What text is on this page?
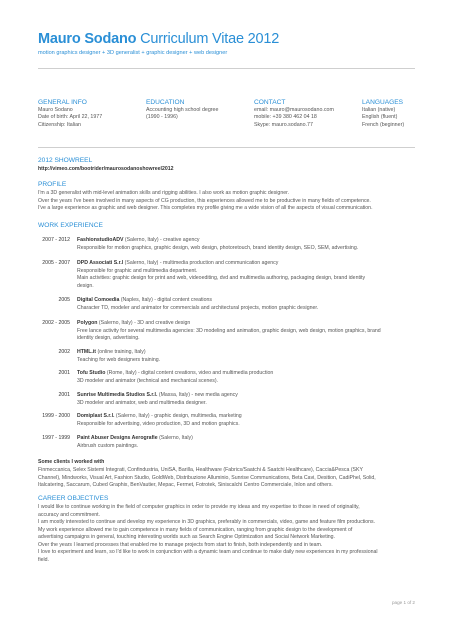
Mauro Sodano Curriculum Vitae 2012
motion graphics designer + 3D generalist + graphic designer + web designer
GENERAL INFO
Mauro Sodano
Date of birth: April 22, 1977
Citizenship: Italian
EDUCATION
Accounting high school degree
(1990 - 1996)
CONTACT
email: mauro@maurosodano.com
mobile: +39 380 462 04 18
Skype: mauro.sodano.77
LANGUAGES
Italian (native)
English (fluent)
French (beginner)
2012 SHOWREEL
http://vimeo.com/bootrider/maurosodanoshowreel2012
PROFILE
I'm a 3D generalist with mid-level animation skills and rigging abilities. I also work as motion graphic designer.
Over the years I've been involved in many aspects of CG production, this experiences allowed me to be productive in many fields of competence.
I've a large experience as graphic and web designer. This completes my profile giving me a wide vision of all the aspects of visual communication.
WORK EXPERIENCE
2007 - 2012 FashionstudioADV (Salerno, Italy) - creative agency
Responsible for motion graphics, graphic design, web design, photoretouch, brand identity design, SEO, SEM, advertising.
2005 - 2007 DPD Associati S.r.l (Salerno, Italy) - multimedia production and communication agency
Responsible for graphic and multimedia department.
Main activities: graphic design for print and web, videoediting, dvd and multimedia authoring, packaging design, brand identity
design.
2005 Digital Comoedia (Naples, Italy) - digital content creations
Character TD, modeler and animator for commercials and architectural projects, motion graphic designer.
2002 - 2005 Polygon (Salerno, Italy) - 3D and creative design
Free lance activity for several multimedia agencies: 3D modeling and animation, graphic design, web design, motion graphics, brand
identity design, advertising.
2002 HTML.it (online training, Italy)
Teaching for web designers training.
2001 Tofu Studio (Rome, Italy) - digital content creations, video and multimedia production
3D modeler and animator (technical and mechanical scenes).
2001 Sunrise Multimedia Studios S.r.l. (Massa, Italy) - new media agency
3D modeler and animator, web and multimedia designer.
1999 - 2000 Domiplast S.r.l. (Salerno, Italy) - graphic design, multimedia, marketing
Responsible for advertising, video production, 3D and motion graphics.
1997 - 1999 Paint Abuser Designs Aerografie (Salerno, Italy)
Airbrush custom paintings.
Some clients I worked with
Finmeccanica, Selex Sistemi Integrati, Confindustria, UniSA, Barilla, Healthware (Fabrics/Saatchi & Saatchi Healthcare), Caccia&Pesca (SKY
Channel), Mindworks, Visual Art, Fashion Studio, GoldWeb, Distribuzione Alluminio, Sunrise Communications, Beta Cavi, Desition, CadiPhel, Solid,
Italcatering, Saccarum, Cubed Graphix, BenVautier, Mepac, Fermet, Fotrotek, Siniscalchi Centro Commerciale, Inlon and others.
CAREER OBJECTIVES
I would like to continue working in the field of computer graphics in order to provide my ideas and my expertise to those in need of originality,
accuracy and commitment.
I am mostly interested to continue and develop my experience in 3D graphics, preferably in commercials, video, game and feature film productions.
My work experience allowed me to gain competence in many fields of communication, ranging from graphic design to the development of
advertising campaigns in general, touching interesting worlds such as Search Engine Optimization and Social Network Marketing.
Over the years I learned processes that enabled me to manage projects from start to finish, both independently and in team.
I love to experiment and learn, so I'd like to work in conjunction with a dynamic team and continue to make daily new experiences in my professional
field.
page 1 of 2
